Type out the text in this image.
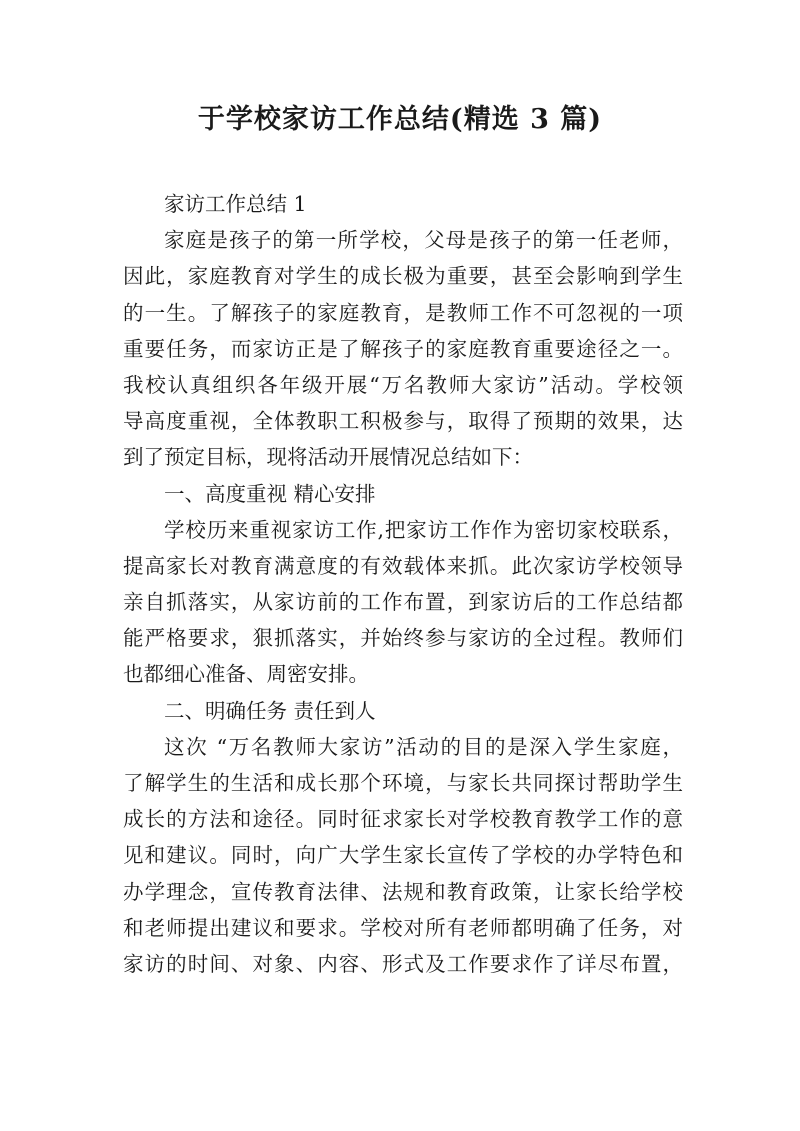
于学校家访工作总结(精选 3 篇)
家访工作总结 1
家庭是孩子的第一所学校，父母是孩子的第一任老师，
因此，家庭教育对学生的成长极为重要，甚至会影响到学生
的一生。了解孩子的家庭教育，是教师工作不可忽视的一项
重要任务，而家访正是了解孩子的家庭教育重要途径之一。
我校认真组织各年级开展“万名教师大家访”活动。学校领
导高度重视，全体教职工积极参与，取得了预期的效果，达
到了预定目标，现将活动开展情况总结如下：
一、高度重视 精心安排
学校历来重视家访工作,把家访工作作为密切家校联系，
提高家长对教育满意度的有效载体来抓。此次家访学校领导
亲自抓落实，从家访前的工作布置，到家访后的工作总结都
能严格要求，狠抓落实，并始终参与家访的全过程。教师们
也都细心准备、周密安排。
二、明确任务 责任到人
这次 “万名教师大家访”活动的目的是深入学生家庭，
了解学生的生活和成长那个环境，与家长共同探讨帮助学生
成长的方法和途径。同时征求家长对学校教育教学工作的意
见和建议。同时，向广大学生家长宣传了学校的办学特色和
办学理念，宣传教育法律、法规和教育政策，让家长给学校
和老师提出建议和要求。学校对所有老师都明确了任务，对
家访的时间、对象、内容、形式及工作要求作了详尽布置，
